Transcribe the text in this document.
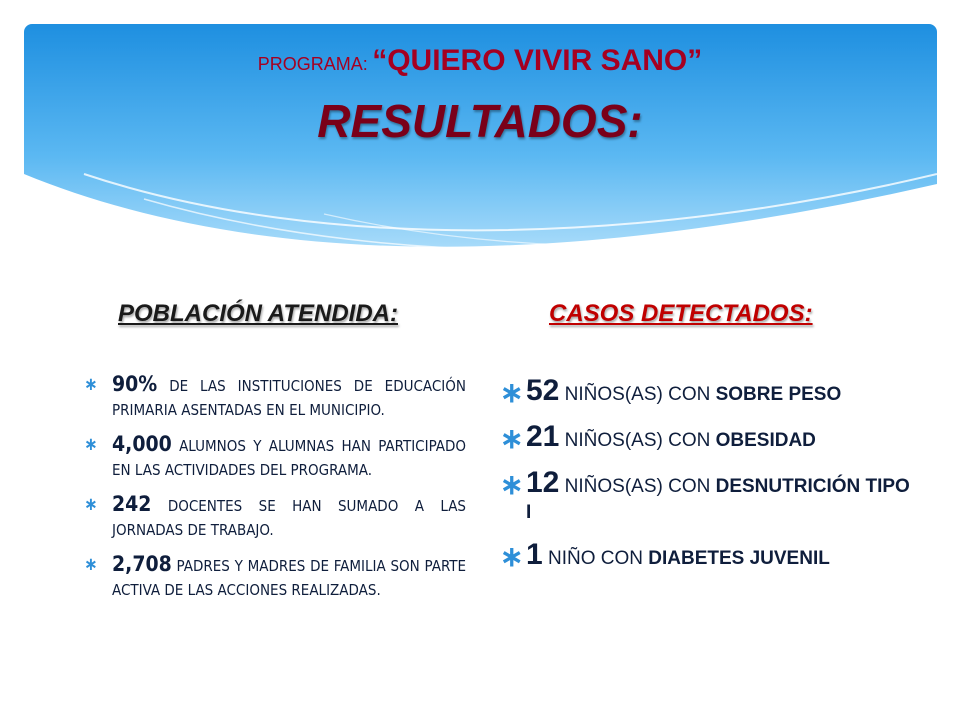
PROGRAMA: “QUIERO VIVIR SANO”
RESULTADOS:
POBLACIÓN ATENDIDA:	CASOS DETECTADOS:
∗ 90% DE LAS INSTITUCIONES DE EDUCACIÓN PRIMARIA ASENTADAS EN EL MUNICIPIO.
∗ 4,000 ALUMNOS Y ALUMNAS HAN PARTICIPADO EN LAS ACTIVIDADES DEL PROGRAMA.
∗ 242 DOCENTES SE HAN SUMADO A LAS JORNADAS DE TRABAJO.
∗ 2,708 PADRES Y MADRES DE FAMILIA SON PARTE ACTIVA DE LAS ACCIONES REALIZADAS.
∗ 52 NIÑOS(AS) CON SOBRE PESO
∗ 21 NIÑOS(AS) CON OBESIDAD
∗ 12 NIÑOS(AS) CON DESNUTRICIÓN TIPO I
∗ 1 NIÑO CON DIABETES JUVENIL
